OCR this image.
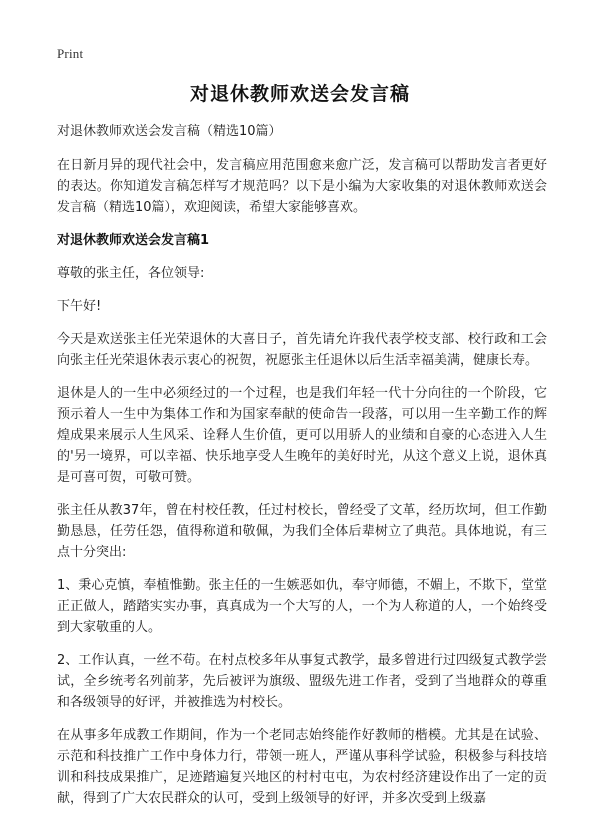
Print
对退休教师欢送会发言稿

对退休教师欢送会发言稿（精选10篇）

在日新月异的现代社会中，发言稿应用范围愈来愈广泛，发言稿可以帮助发言者更好的表达。你知道发言稿怎样写才规范吗？以下是小编为大家收集的对退休教师欢送会发言稿（精选10篇），欢迎阅读，希望大家能够喜欢。

对退休教师欢送会发言稿1

尊敬的张主任，各位领导:

下午好!

今天是欢送张主任光荣退休的大喜日子，首先请允许我代表学校支部、校行政和工会向张主任光荣退休表示衷心的祝贺，祝愿张主任退休以后生活幸福美满，健康长寿。

退休是人的一生中必须经过的一个过程，也是我们年轻一代十分向往的一个阶段，它预示着人一生中为集体工作和为国家奉献的使命告一段落，可以用一生辛勤工作的辉煌成果来展示人生风采、诠释人生价值，更可以用骄人的业绩和自豪的心态进入人生的'另一境界，可以幸福、快乐地享受人生晚年的美好时光，从这个意义上说，退休真是可喜可贺，可敬可赞。

张主任从教37年，曾在村校任教，任过村校长，曾经受了文革，经历坎坷，但工作勤勤恳恳，任劳任怨，值得称道和敬佩，为我们全体后辈树立了典范。具体地说，有三点十分突出:

1、秉心克慎，奉植惟勤。张主任的一生嫉恶如仇，奉守师德，不媚上，不欺下，堂堂正正做人，踏踏实实办事，真真成为一个大写的人，一个为人称道的人，一个始终受到大家敬重的人。

2、工作认真，一丝不苟。在村点校多年从事复式教学，最多曾进行过四级复式教学尝试，全乡统考名列前茅，先后被评为旗级、盟级先进工作者，受到了当地群众的尊重和各级领导的好评，并被推选为村校长。

在从事多年成教工作期间，作为一个老同志始终能作好教师的楷模。尤其是在试验、示范和科技推广工作中身体力行，带领一班人，严谨从事科学试验，积极参与科技培训和科技成果推广，足迹踏遍复兴地区的村村屯屯，为农村经济建设作出了一定的贡献，得到了广大农民群众的认可，受到上级领导的好评，并多次受到上级嘉
